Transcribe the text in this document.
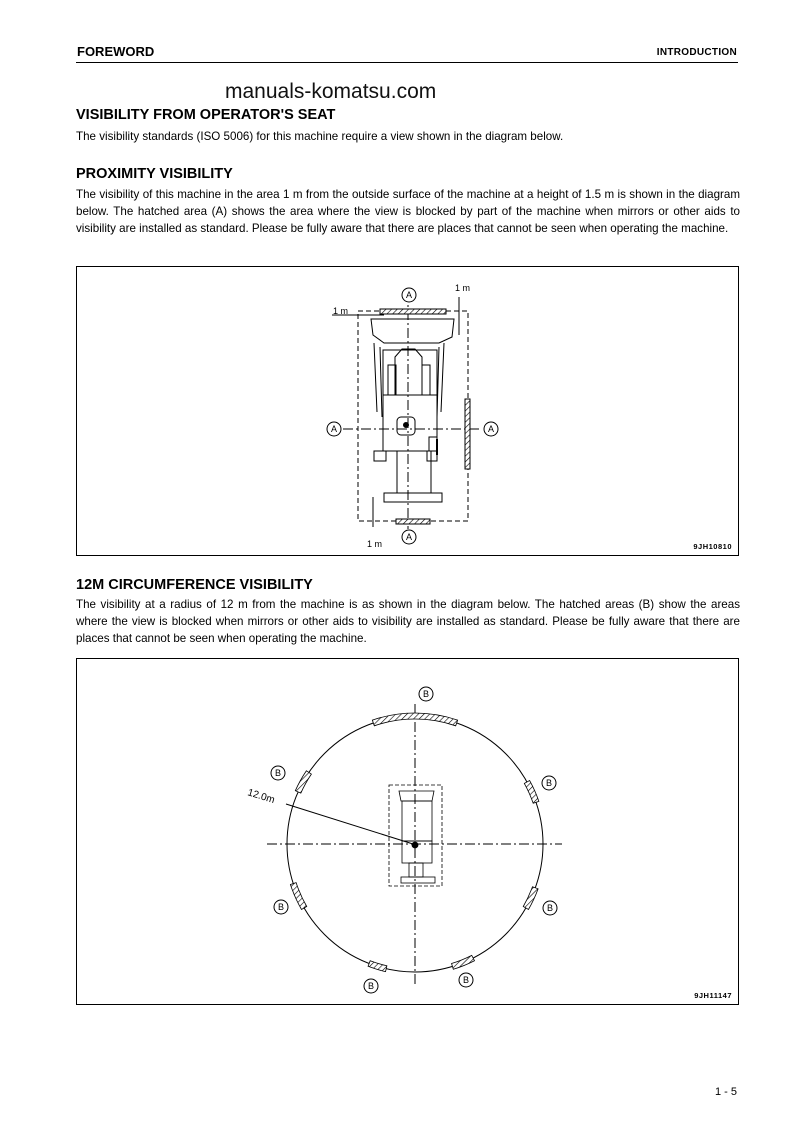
FOREWORD	INTRODUCTION
manuals-komatsu.com
VISIBILITY FROM OPERATOR'S SEAT
The visibility standards (ISO 5006) for this machine require a view shown in the diagram below.
PROXIMITY VISIBILITY
The visibility of this machine in the area 1 m from the outside surface of the machine at a height of 1.5 m is shown in the diagram below. The hatched area (A) shows the area where the view is blocked by part of the machine when mirrors or other aids to visibility are installed as standard. Please be fully aware that there are places that cannot be seen when operating the machine.
A
A
A	A
1 m
1 m
1 m	9JH10810
12M CIRCUMFERENCE VISIBILITY
The visibility at a radius of 12 m from the machine is as shown in the diagram below. The hatched areas (B) show the areas where the view is blocked when mirrors or other aids to visibility are installed as standard. Please be fully aware that there are places that cannot be seen when operating the machine.
12.0m
B
B
B
B	B
B
B
9JH11147
1 - 5
